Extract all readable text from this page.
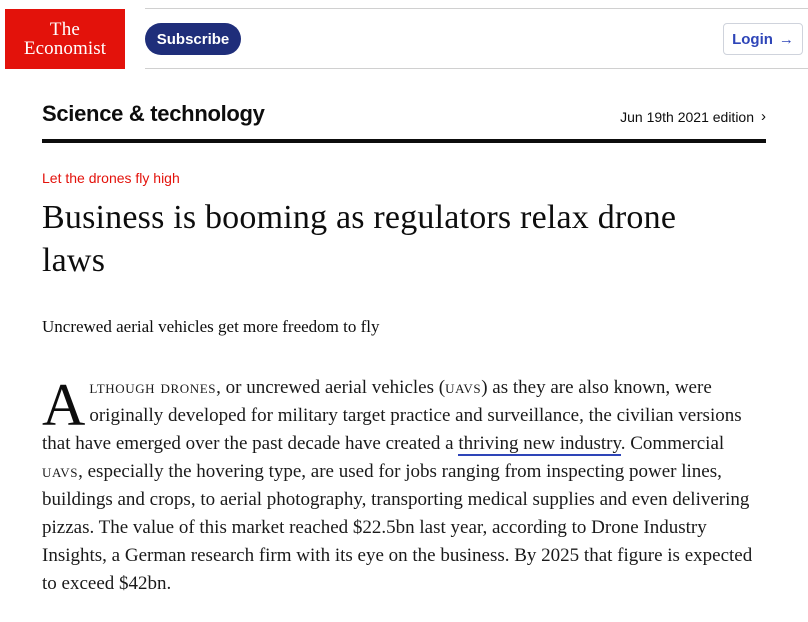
The
Economist	Subscribe	Login →
Science & technology	Jun 19th 2021 edition ›
Let the drones fly high
Business is booming as regulators relax drone laws
Uncrewed aerial vehicles get more freedom to fly

Although drones, or uncrewed aerial vehicles (uavs) as they are also known, were originally developed for military target practice and surveillance, the civilian versions that have emerged over the past decade have created a thriving new industry. Commercial uavs, especially the hovering type, are used for jobs ranging from inspecting power lines, buildings and crops, to aerial photography, transporting medical supplies and even delivering pizzas. The value of this market reached $22.5bn last year, according to Drone Industry Insights, a German research firm with its eye on the business. By 2025 that figure is expected to exceed $42bn.
